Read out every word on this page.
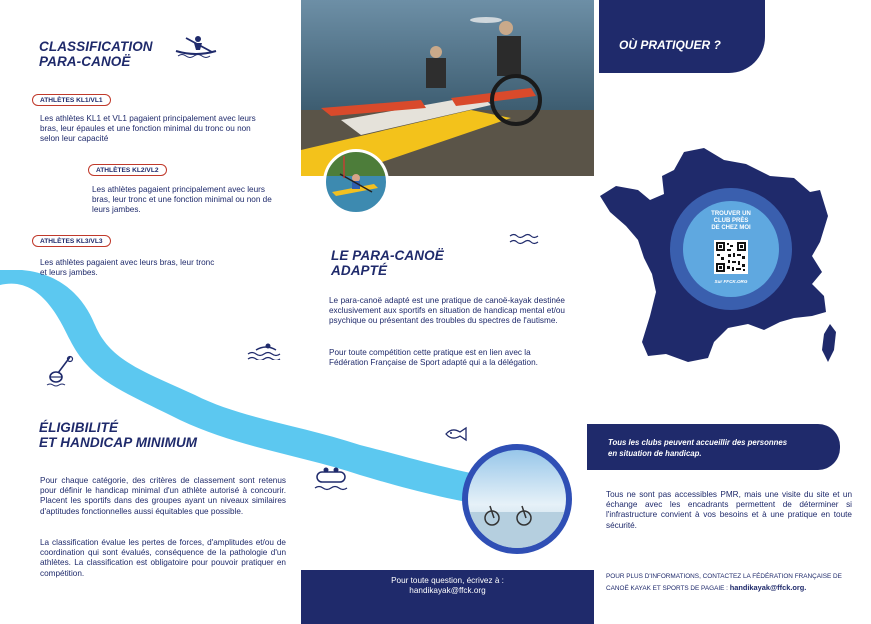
CLASSIFICATION
PARA-CANOË
ATHLÈTES KL1/VL1
Les athlètes KL1 et VL1 pagaient principalement avec leurs bras, leur épaules et une fonction minimal du tronc ou non selon leur capacité
ATHLÈTES KL2/VL2
Les athlètes pagaient principalement avec leurs bras, leur tronc et une fonction minimal ou non de leurs jambes.
ATHLÈTES KL3/VL3
Les athlètes pagaient avec leurs bras, leur tronc et leurs jambes.
ÉLIGIBILITÉ
ET HANDICAP MINIMUM
Pour chaque catégorie, des critères de classement sont retenus pour définir le handicap minimal d'un athlète autorisé à concourir. Placent les sportifs dans des groupes ayant un niveaux similaires d'aptitudes fonctionnelles aussi équitables que possible.
La classification évalue les pertes de forces, d'amplitudes et/ou de coordination qui sont évalués, conséquence de la pathologie d'un athlètes. La classification est obligatoire pour pouvoir pratiquer en compétition.
LE PARA-CANOË
ADAPTÉ
Le para-canoë adapté est une pratique de canoë-kayak destinée exclusivement aux sportifs en situation de handicap mental et/ou psychique ou présentant des troubles du spectres de l'autisme.
Pour toute compétition cette pratique est en lien avec la Fédération Française de Sport adapté qui a la délégation.
Pour toute question, écrivez à :
handikayak@ffck.org
OÙ PRATIQUER ?
TROUVER UN
CLUB PRÈS
DE CHEZ MOI
Sur FFCK.ORG
Tous les clubs peuvent accueillir des personnes
en situation de handicap.
Tous ne sont pas accessibles PMR, mais une visite du site et un échange avec les encadrants permettent de déterminer si l'infrastructure convient à vos besoins et à une pratique en toute sécurité.
POUR PLUS D'INFORMATIONS, CONTACTEZ LA FÉDÉRATION FRANÇAISE DE CANOË KAYAK ET SPORTS DE PAGAIE : handikayak@ffck.org.
